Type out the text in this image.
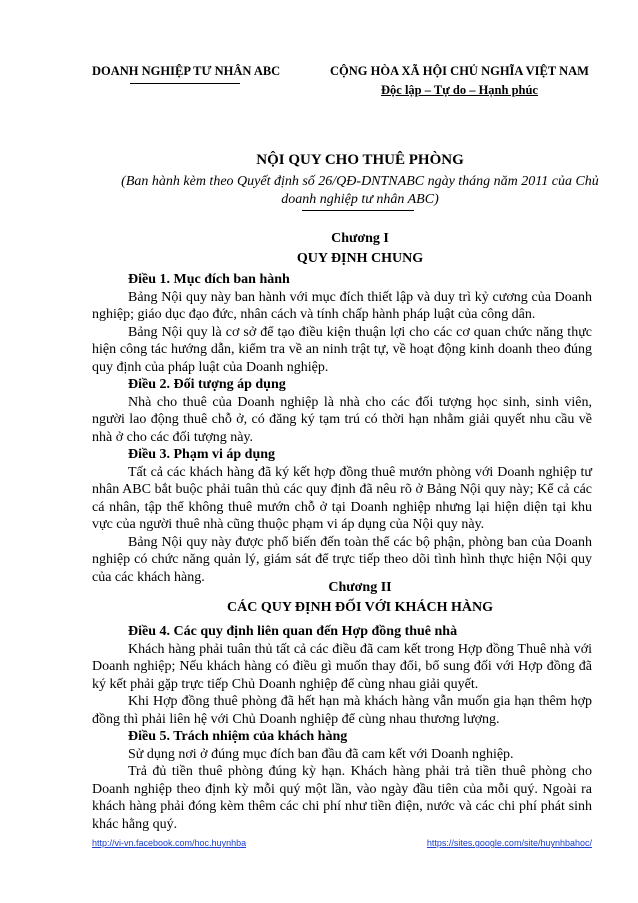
DOANH NGHIỆP TƯ NHÂN ABC	CỘNG HÒA XÃ HỘI CHỦ NGHĨA VIỆT NAM
Độc lập – Tự do – Hạnh phúc
NỘI QUY CHO THUÊ PHÒNG
(Ban hành kèm theo Quyết định số 26/QĐ-DNTNABC ngày tháng năm 2011 của Chủ doanh nghiệp tư nhân ABC)
Chương I
QUY ĐỊNH CHUNG

Điều 1. Mục đích ban hành

Bảng Nội quy này ban hành với mục đích thiết lập và duy trì kỷ cương của Doanh nghiệp; giáo dục đạo đức, nhân cách và tính chấp hành pháp luật của công dân.

Bảng Nội quy là cơ sở để tạo điều kiện thuận lợi cho các cơ quan chức năng thực hiện công tác hướng dẫn, kiểm tra về an ninh trật tự, về hoạt động kinh doanh theo đúng quy định của pháp luật của Doanh nghiệp.

Điều 2. Đối tượng áp dụng

Nhà cho thuê của Doanh nghiệp là nhà cho các đối tượng học sinh, sinh viên, người lao động thuê chỗ ở, có đăng ký tạm trú có thời hạn nhằm giải quyết nhu cầu về nhà ở cho các đối tượng này.

Điều 3. Phạm vi áp dụng

Tất cả các khách hàng đã ký kết hợp đồng thuê mướn phòng với Doanh nghiệp tư nhân ABC bắt buộc phải tuân thủ các quy định đã nêu rõ ở Bảng Nội quy này; Kể cả các cá nhân, tập thể không thuê mướn chỗ ở tại Doanh nghiệp nhưng lại hiện diện tại khu vực của người thuê nhà cũng thuộc phạm vi áp dụng của Nội quy này.

Bảng Nội quy này được phổ biến đến toàn thể các bộ phận, phòng ban của Doanh nghiệp có chức năng quản lý, giám sát để trực tiếp theo dõi tình hình thực hiện Nội quy của các khách hàng.

Chương II
CÁC QUY ĐỊNH ĐỐI VỚI KHÁCH HÀNG

Điều 4. Các quy định liên quan đến Hợp đồng thuê nhà

Khách hàng phải tuân thủ tất cả các điều đã cam kết trong Hợp đồng Thuê nhà với Doanh nghiệp; Nếu khách hàng có điều gì muốn thay đổi, bổ sung đối với Hợp đồng đã ký kết phải gặp trực tiếp Chủ Doanh nghiệp để cùng nhau giải quyết.

Khi Hợp đồng thuê phòng đã hết hạn mà khách hàng vẫn muốn gia hạn thêm hợp đồng thì phải liên hệ với Chủ Doanh nghiệp để cùng nhau thương lượng.

Điều 5. Trách nhiệm của khách hàng

Sử dụng nơi ở đúng mục đích ban đầu đã cam kết với Doanh nghiệp.

Trả đủ tiền thuê phòng đúng kỳ hạn. Khách hàng phải trả tiền thuê phòng cho Doanh nghiệp theo định kỳ mỗi quý một lần, vào ngày đầu tiên của mỗi quý. Ngoài ra khách hàng phải đóng kèm thêm các chi phí như tiền điện, nước và các chi phí phát sinh khác hằng quý.

http://vi-vn.facebook.com/hoc.huynhba	https://sites.google.com/site/huynhbahoc/
